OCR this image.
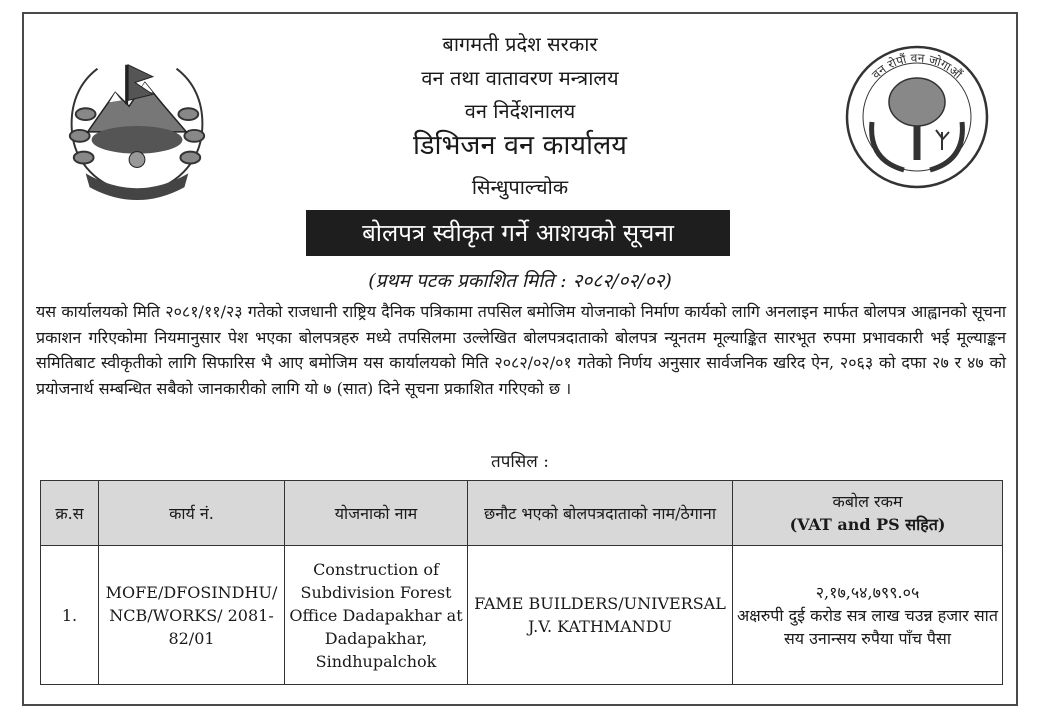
बागमती प्रदेश सरकार
वन तथा वातावरण मन्त्रालय
वन निर्देशनालय
डिभिजन वन कार्यालय
सिन्धुपाल्चोक
वन रोपौं वन जोगाऔं
बोलपत्र स्वीकृत गर्ने आशयको सूचना
(प्रथम पटक प्रकाशित मिति : २०८२/०२/०२)
यस कार्यालयको मिति २०८१/११/२३ गतेको राजधानी राष्ट्रिय दैनिक पत्रिकामा तपसिल बमोजिम योजनाको निर्माण कार्यको लागि अनलाइन मार्फत बोलपत्र आह्वानको सूचना प्रकाशन गरिएकोमा नियमानुसार पेश भएका बोलपत्रहरु मध्ये तपसिलमा उल्लेखित बोलपत्रदाताको बोलपत्र न्यूनतम मूल्याङ्कित सारभूत रुपमा प्रभावकारी भई मूल्याङ्कन समितिबाट स्वीकृतीको लागि सिफारिस भै आए बमोजिम यस कार्यालयको मिति २०८२/०२/०१ गतेको निर्णय अनुसार सार्वजनिक खरिद ऐन, २०६३ को दफा २७ र ४७ को प्रयोजनार्थ सम्बन्धित सबैको जानकारीको लागि यो ७ (सात) दिने सूचना प्रकाशित गरिएको छ ।
तपसिल :
क्र.स	कार्य नं.	योजनाको नाम	छनौट भएको बोलपत्रदाताको नाम/ठेगाना	कबोल रकम
(VAT and PS सहित)

1.	MOFE/DFOSINDHU/ NCB/WORKS/ 2081-82/01	Construction of Subdivision Forest Office Dadapakhar at Dadapakhar, Sindhupalchok	FAME BUILDERS/UNIVERSAL J.V. KATHMANDU	२,१७,५४,७९९.०५
अक्षरुपी दुई करोड सत्र लाख चउन्न हजार सात सय उनान्सय रुपैया पाँच पैसा
